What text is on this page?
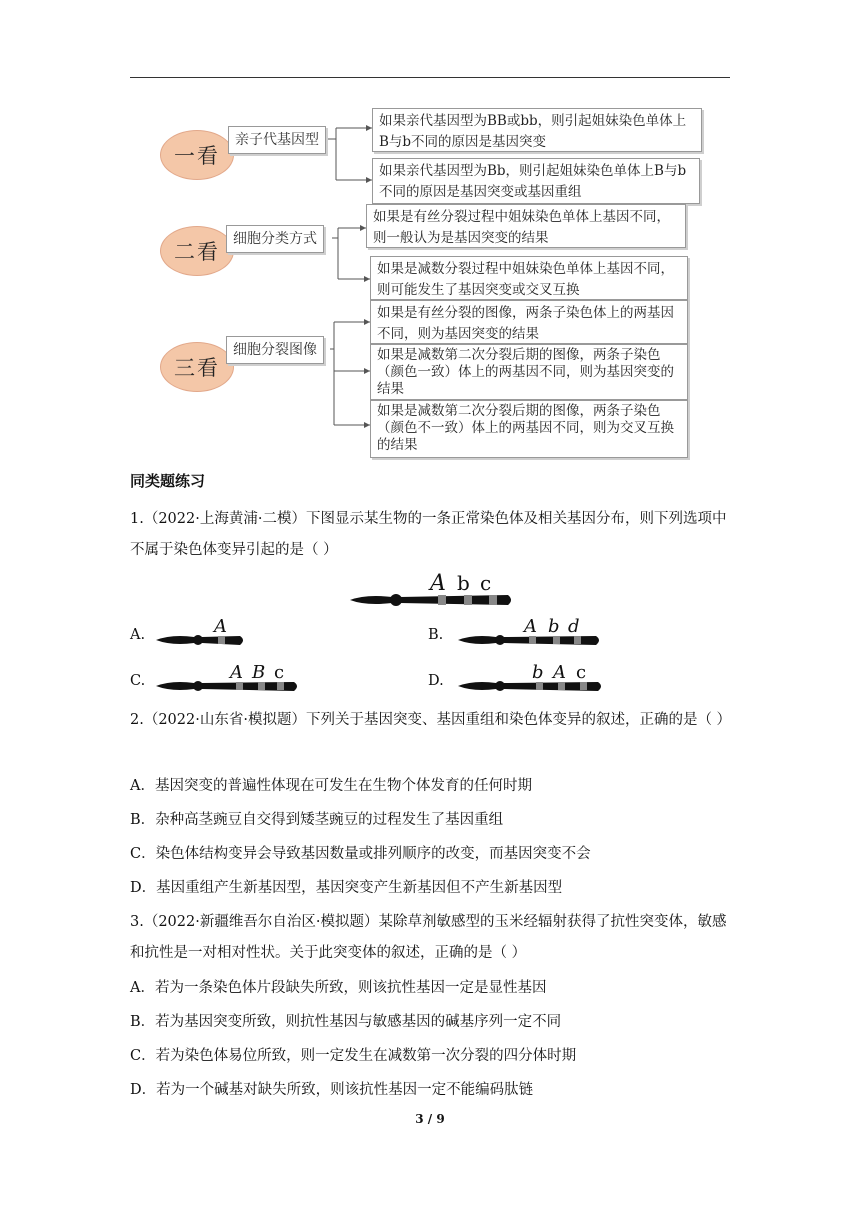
一看
亲子代基因型
如果亲代基因型为BB或bb，则引起姐妹染色单体上B与b不同的原因是基因突变
如果亲代基因型为Bb，则引起姐妹染色单体上B与b不同的原因是基因突变或基因重组
二看
细胞分类方式
如果是有丝分裂过程中姐妹染色单体上基因不同，则一般认为是基因突变的结果
如果是减数分裂过程中姐妹染色单体上基因不同，则可能发生了基因突变或交叉互换
三看
细胞分裂图像
如果是有丝分裂的图像，两条子染色体上的两基因不同，则为基因突变的结果
如果是减数第二次分裂后期的图像，两条子染色（颜色一致）体上的两基因不同，则为基因突变的结果
如果是减数第二次分裂后期的图像，两条子染色（颜色不一致）体上的两基因不同，则为交叉互换的结果
同类题练习
1.（2022·上海黄浦·二模）下图显示某生物的一条正常染色体及相关基因分布，则下列选项中不属于染色体变异引起的是（ ）
A b c
A.	A	B.	A b d
C.	A B c	D.	b A c
2.（2022·山东省·模拟题）下列关于基因突变、基因重组和染色体变异的叙述，正确的是（ ）
A．基因突变的普遍性体现在可发生在生物个体发育的任何时期
B．杂种高茎豌豆自交得到矮茎豌豆的过程发生了基因重组
C．染色体结构变异会导致基因数量或排列顺序的改变，而基因突变不会
D．基因重组产生新基因型，基因突变产生新基因但不产生新基因型
3.（2022·新疆维吾尔自治区·模拟题）某除草剂敏感型的玉米经辐射获得了抗性突变体，敏感和抗性是一对相对性状。关于此突变体的叙述，正确的是（ ）
A．若为一条染色体片段缺失所致，则该抗性基因一定是显性基因
B．若为基因突变所致，则抗性基因与敏感基因的碱基序列一定不同
C．若为染色体易位所致，则一定发生在减数第一次分裂的四分体时期
D．若为一个碱基对缺失所致，则该抗性基因一定不能编码肽链
3 / 9
